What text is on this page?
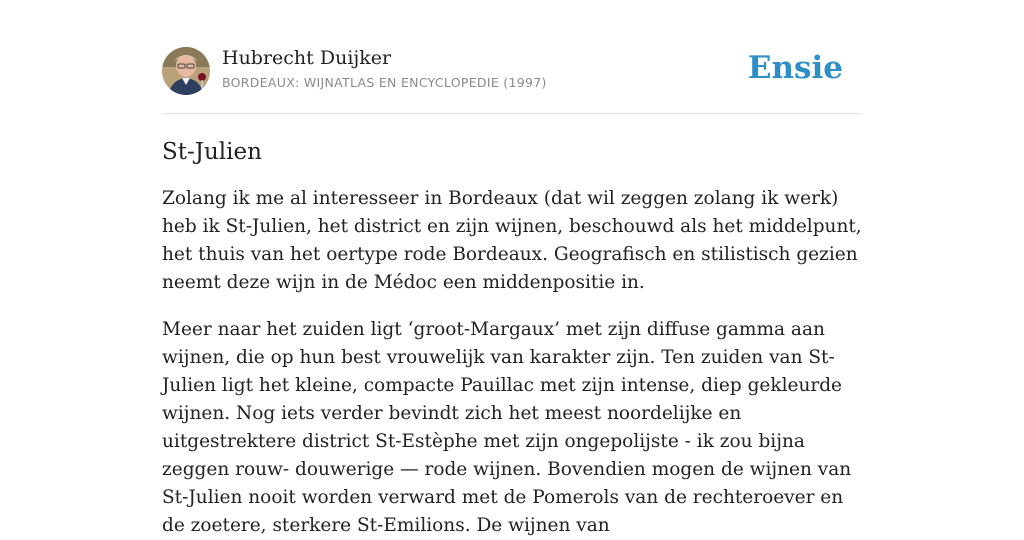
Hubrecht Duijker
BORDEAUX: WIJNATLAS EN ENCYCLOPEDIE (1997)	Ensie
St-Julien

Zolang ik me al interesseer in Bordeaux (dat wil zeggen zolang ik werk) heb ik St-Julien, het district en zijn wijnen, beschouwd als het middelpunt, het thuis van het oertype rode Bordeaux. Geografisch en stilistisch gezien neemt deze wijn in de Médoc een middenpositie in.

Meer naar het zuiden ligt ‘groot-Margaux’ met zijn diffuse gamma aan wijnen, die op hun best vrouwelijk van karakter zijn. Ten zuiden van St-Julien ligt het kleine, compacte Pauillac met zijn intense, diep gekleurde wijnen. Nog iets verder bevindt zich het meest noordelijke en uitgestrektere district St-Estèphe met zijn ongepolijste - ik zou bijna zeggen rouw- douwerige — rode wijnen. Bovendien mogen de wijnen van St-Julien nooit worden verward met de Pomerols van de rechteroever en de zoetere, sterkere St-Emilions. De wijnen van
